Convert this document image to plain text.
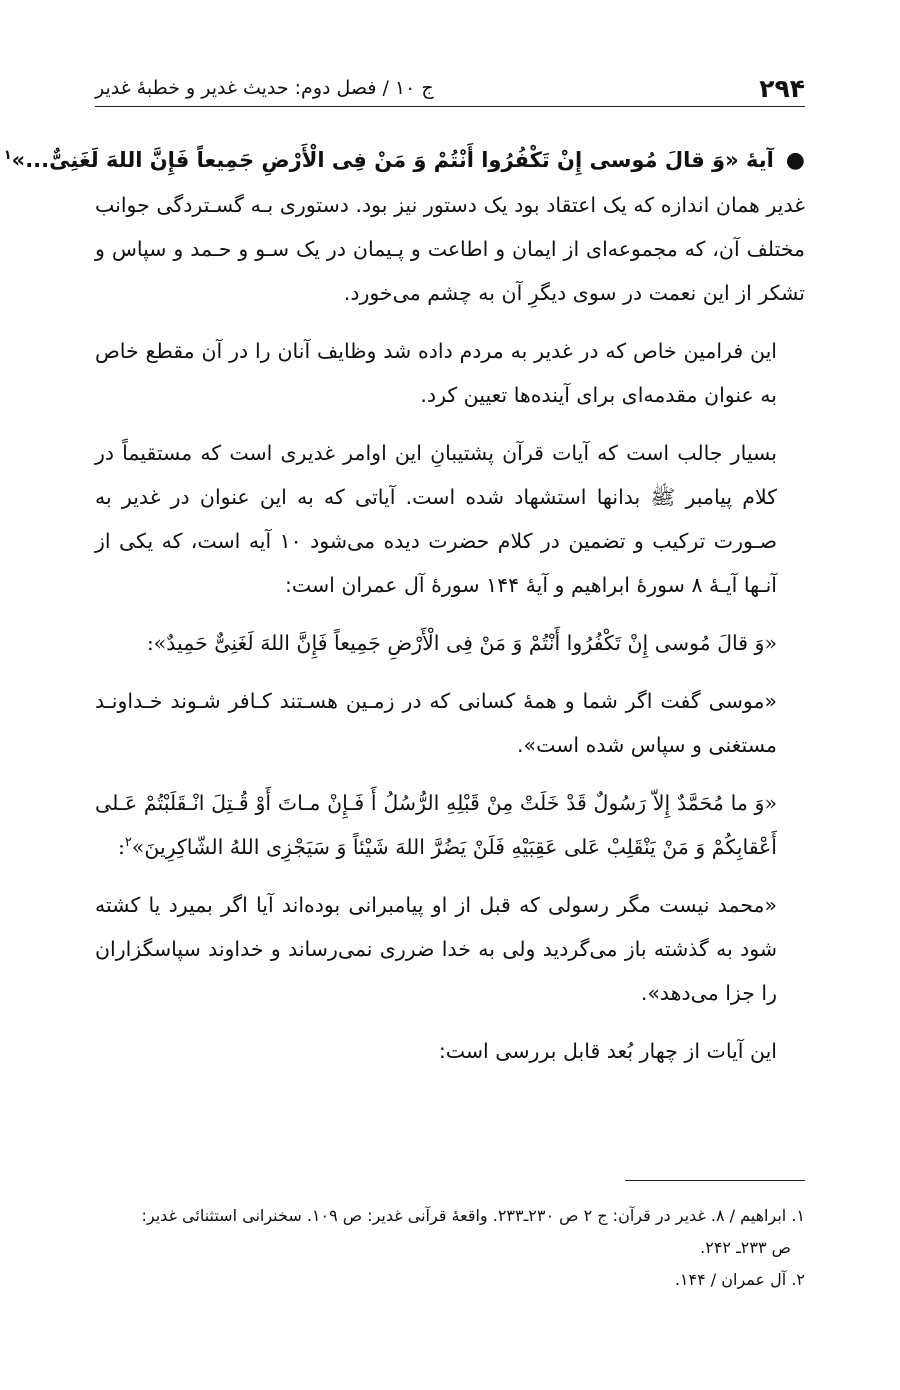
۲۹۴
ج ۱۰ / فصل دوم: حدیث غدیر و خطبهٔ غدیر
●آیهٔ «وَ قالَ مُوسی إِنْ تَكْفُرُوا أَنْتُمْ وَ مَنْ فِی الْأَرْضِ جَمِیعاً فَإِنَّ اللهَ لَغَنِیٌّ...»$^۱$
غدیر همان اندازه که یک اعتقاد بود یک دستور نیز بود. دستوری بـه گسـتردگی جوانب مختلف آن، که مجموعه‌ای از ایمان و اطاعت و پـیمان در یک سـو و حـمد و سپاس و تشکر از این نعمت در سوی دیگرِ آن به چشم می‌خورد.
این فرامین خاص که در غدیر به مردم داده شد وظایف آنان را در آن مقطع خاص به عنوان مقدمه‌ای برای آینده‌ها تعیین کرد.
بسیار جالب است که آیات قرآن پشتیبانِ این اوامر غدیری است که مستقیماً در کلام پیامبر ﷺ بدانها استشهاد شده است. آیاتی که به این عنوان در غدیر به صـورت ترکیب و تضمین در کلام حضرت دیده می‌شود ۱۰ آیه است، که یکی از آنـها آیـهٔ ۸ سورهٔ ابراهیم و آیهٔ ۱۴۴ سورهٔ آل عمران است:
«وَ قالَ مُوسی إِنْ تَكْفُرُوا أَنْتُمْ وَ مَنْ فِی الْأَرْضِ جَمِیعاً فَإِنَّ اللهَ لَغَنِیٌّ حَمِیدٌ»:
«موسی گفت اگر شما و همهٔ کسانی که در زمـین هسـتند کـافر شـوند خـداونـد مستغنی و سپاس شده است».
«وَ ما مُحَمَّدٌ إِلاّ رَسُولٌ قَدْ خَلَتْ مِنْ قَبْلِهِ الرُّسُلُ أَ فَـإِنْ مـاتَ أَوْ قُـتِلَ انْـقَلَبْتُمْ عَـلی أَعْقابِكُمْ وَ مَنْ یَنْقَلِبْ عَلی عَقِبَیْهِ فَلَنْ یَضُرَّ اللهَ شَیْئاً وَ سَیَجْزِی اللهُ الشّاكِرِینَ»$^۲$:
«محمد نیست مگر رسولی که قبل از او پیامبرانی بوده‌اند آیا اگر بمیرد یا کشته شود به گذشته باز می‌گردید ولی به خدا ضرری نمی‌رساند و خداوند سپاسگزاران را جزا می‌دهد».
این آیات از چهار بُعد قابل بررسی است:

۱. ابراهیم / ۸. غدیر در قرآن: ج ۲ ص ۲۳۰ـ۲۳۳. واقعهٔ قرآنی غدیر: ص ۱۰۹. سخنرانی استثنائی غدیر:

ص ۲۳۳ـ ۲۴۲.

۲. آل عمران / ۱۴۴.
